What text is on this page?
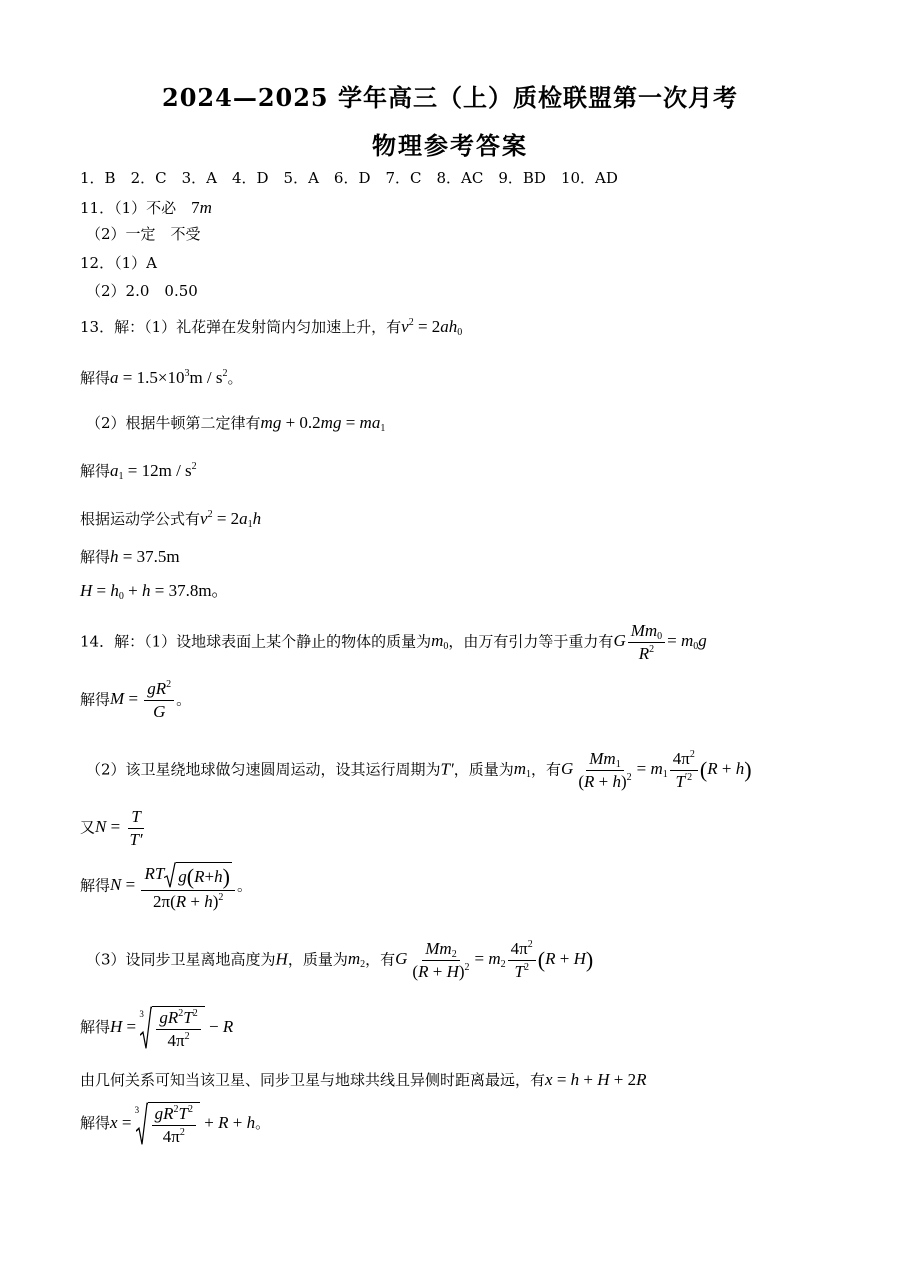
2024—2025 学年高三（上）质检联盟第一次月考
物理参考答案
1．B　2．C　3．A　4．D　5．A　6．D　7．C　8．AC　9．BD　10．AD
11．（1）不必　 7m
（2）一定　不受
12．（1）A
（2）2.0　0.50
13．解：（1）礼花弹在发射筒内匀加速上升，有$v^2 = 2ah_0$
解得$a = 1.5\times 10^3m / s^2$。
（2）根据牛顿第二定律有mg + $0.2mg = ma_1$
解得$a_1 = 12m / s^2$
根据运动学公式有$v^2 = 2a_1h$
解得h = 37.5m
$H = h_0 + h = 37.8m$。
14．解：（1）设地球表面上某个静止的物体的质量为$m_0$，由万有引力等于重力有G $\frac{Mm_0}{R^2} = m_0g$
解得$M = \frac{gR^2}{G}$ 。
（2）该卫星绕地球做匀速圆周运动，设其运行周期为T′，质量为$m_1$，有G $\frac{Mm_1}{(R + h)^2} = m_1 \frac{4\pi^2}{T^{'2}} (R + h)$
又$N = \frac{T}{T'}$
解得$N = \frac{\text{RT g ( R + h )}}{2\pi(R + h)^2}$ 。
（3）设同步卫星离地高度为H，质量为$m_2$，有G $\frac{Mm_2}{(R + H)^2} = m_2 \frac{4\pi^2}{T^2} (R + H)$
解得H =
$3 \frac{gR^2T^2}{4\pi^2} - R$
由几何关系可知当该卫星、同步卫星与地球共线且异侧时距离最远，有x = h + H + 2R
解得x =
$3 \frac{gR^2T^2}{4\pi^2} + R + h$。
